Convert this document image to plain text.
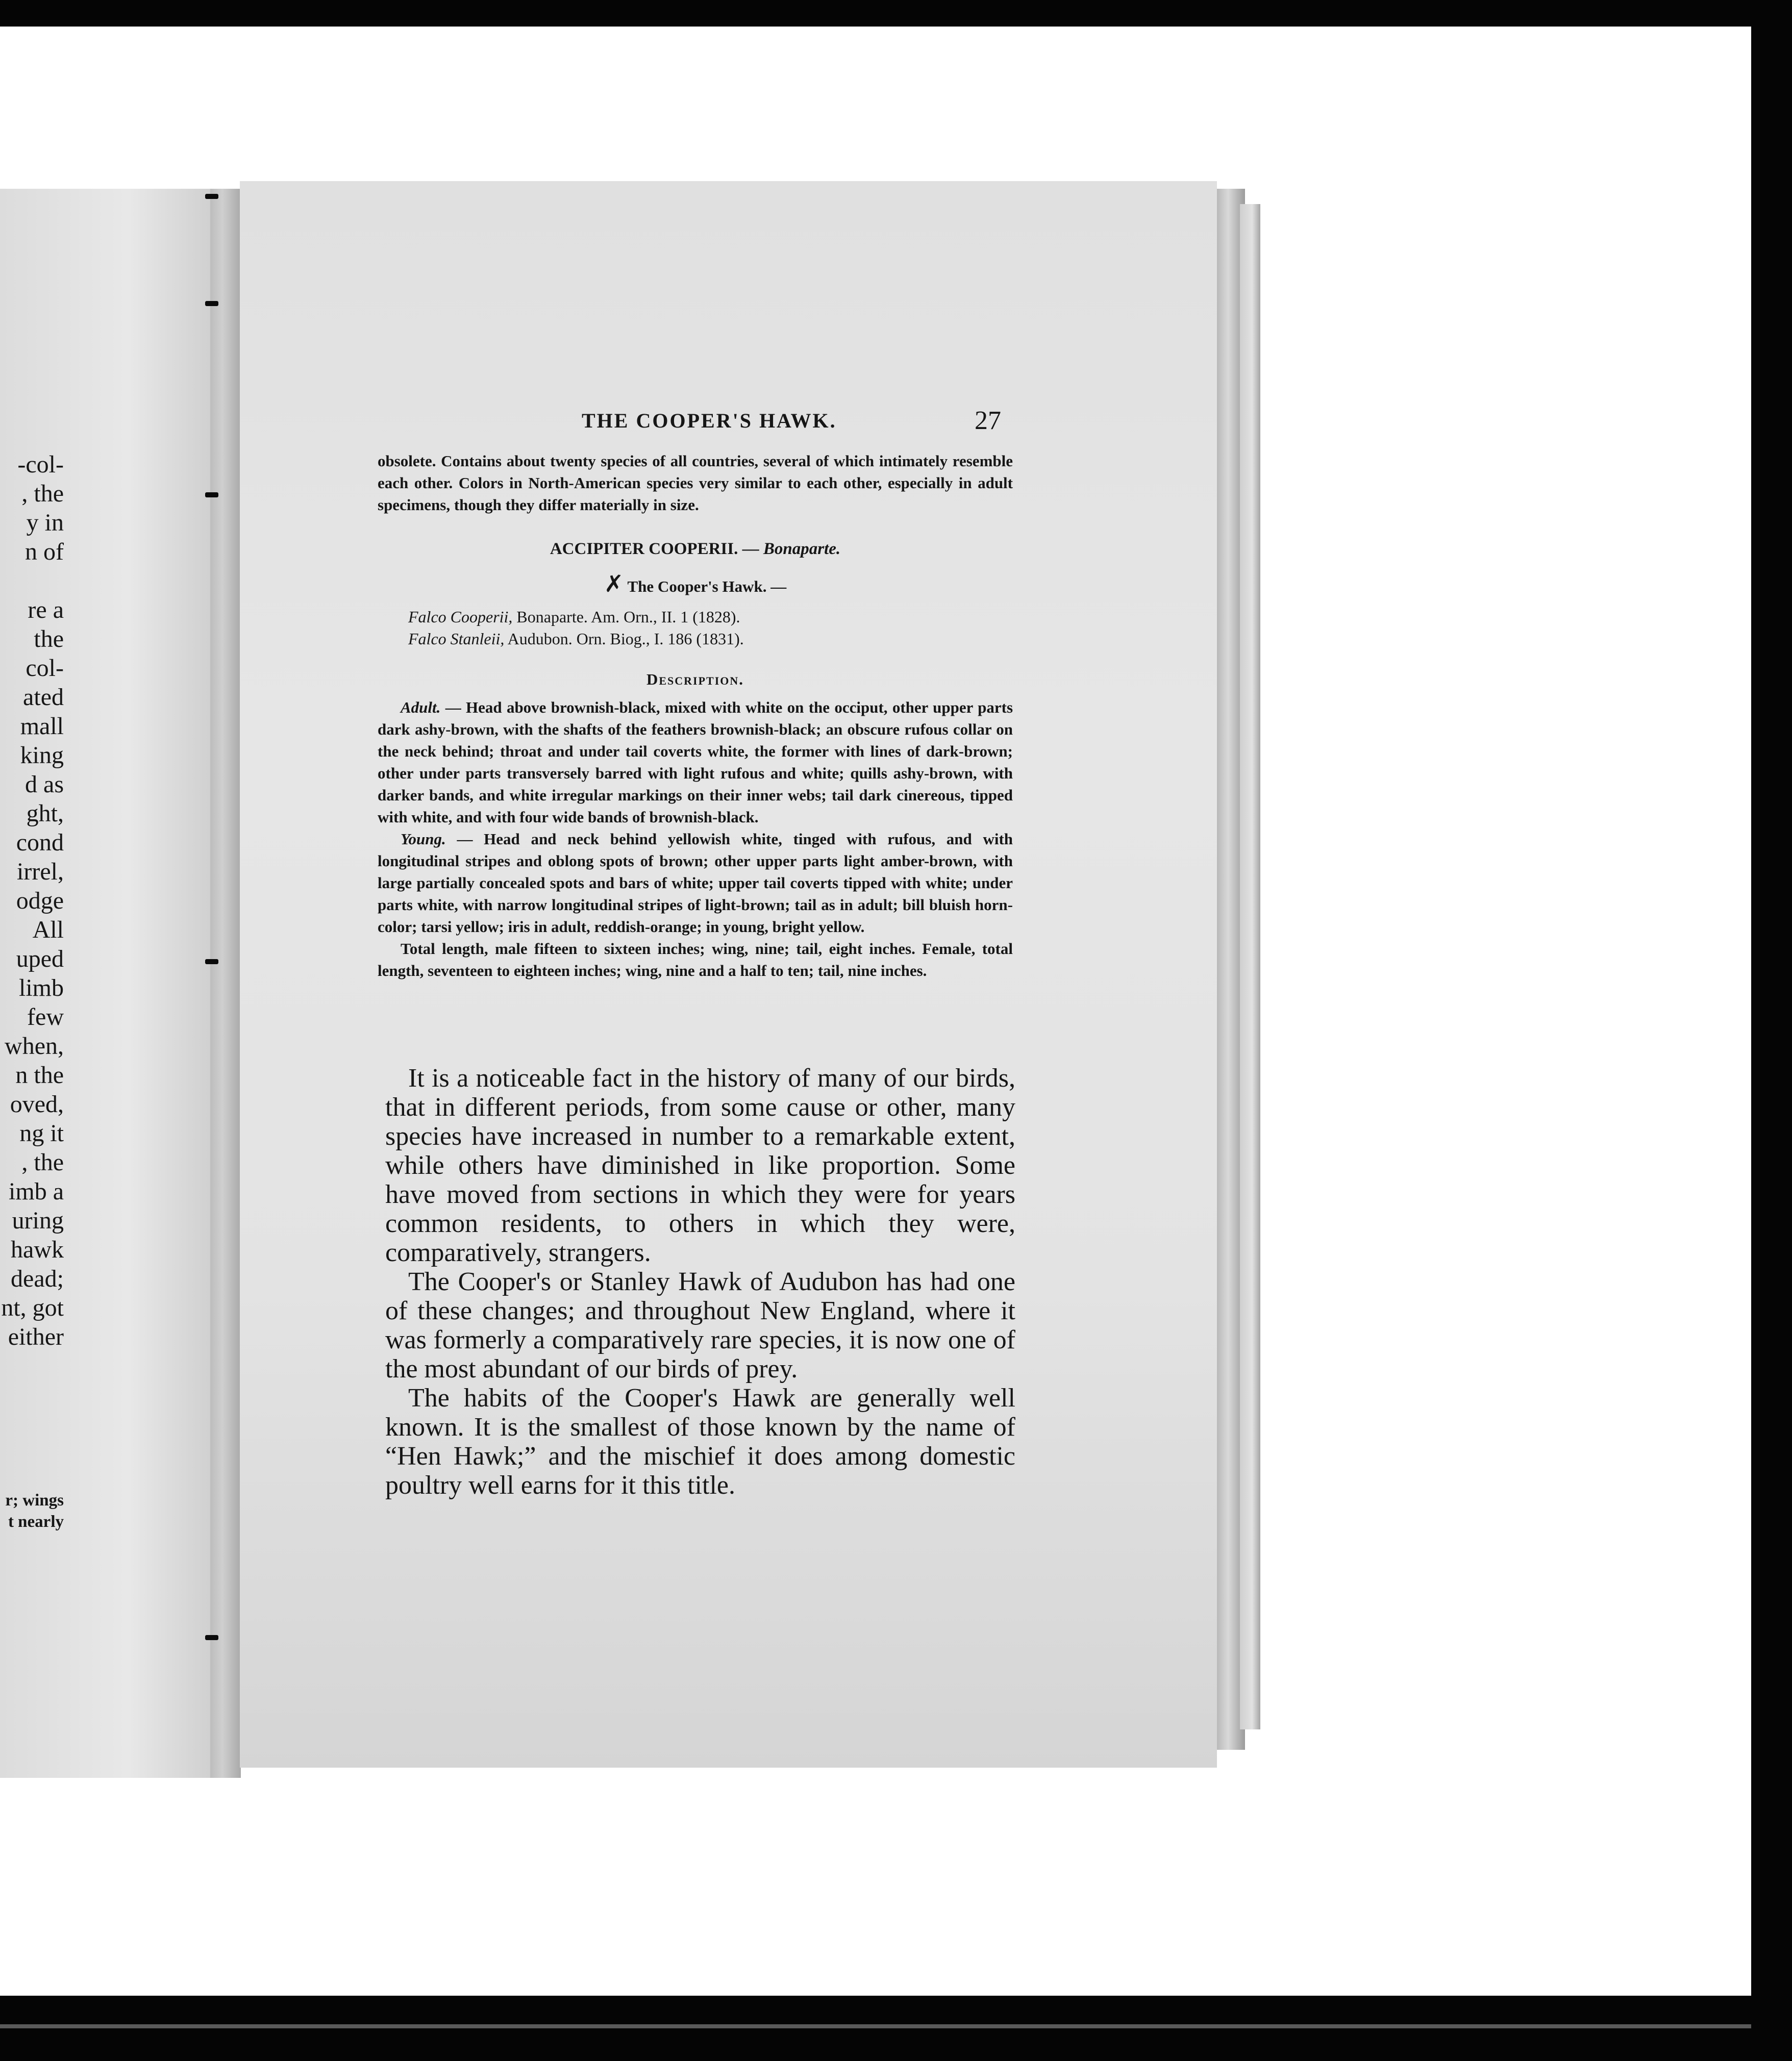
-col-
, the
y in
n of

re a
the
col-
ated
mall
king
d as
ght,
cond
irrel,
odge
All
uped
limb
few
when,
n the
oved,
ng it
, the
imb a
uring
hawk
dead;
nt, got
either
r; wings
t nearly
THE COOPER'S HAWK.	27

obsolete. Contains about twenty species of all countries, several of which intimately resemble each other. Colors in North-American species very similar to each other, especially in adult specimens, though they differ materially in size.

ACCIPITER COOPERII. — Bonaparte.

✗ The Cooper's Hawk. —

Falco Cooperii, Bonaparte. Am. Orn., II. 1 (1828).
Falco Stanleii, Audubon. Orn. Biog., I. 186 (1831).

Description.

Adult. — Head above brownish-black, mixed with white on the occiput, other upper parts dark ashy-brown, with the shafts of the feathers brownish-black; an obscure rufous collar on the neck behind; throat and under tail coverts white, the former with lines of dark-brown; other under parts transversely barred with light rufous and white; quills ashy-brown, with darker bands, and white irregular markings on their inner webs; tail dark cinereous, tipped with white, and with four wide bands of brownish-black.

Young. — Head and neck behind yellowish white, tinged with rufous, and with longitudinal stripes and oblong spots of brown; other upper parts light amber-brown, with large partially concealed spots and bars of white; upper tail coverts tipped with white; under parts white, with narrow longitudinal stripes of light-brown; tail as in adult; bill bluish horn-color; tarsi yellow; iris in adult, reddish-orange; in young, bright yellow.

Total length, male fifteen to sixteen inches; wing, nine; tail, eight inches. Female, total length, seventeen to eighteen inches; wing, nine and a half to ten; tail, nine inches.

It is a noticeable fact in the history of many of our birds, that in different periods, from some cause or other, many species have increased in number to a remarkable extent, while others have diminished in like proportion. Some have moved from sections in which they were for years common residents, to others in which they were, comparatively, strangers.

The Cooper's or Stanley Hawk of Audubon has had one of these changes; and throughout New England, where it was formerly a comparatively rare species, it is now one of the most abundant of our birds of prey.

The habits of the Cooper's Hawk are generally well known. It is the smallest of those known by the name of “Hen Hawk;” and the mischief it does among domestic poultry well earns for it this title.
